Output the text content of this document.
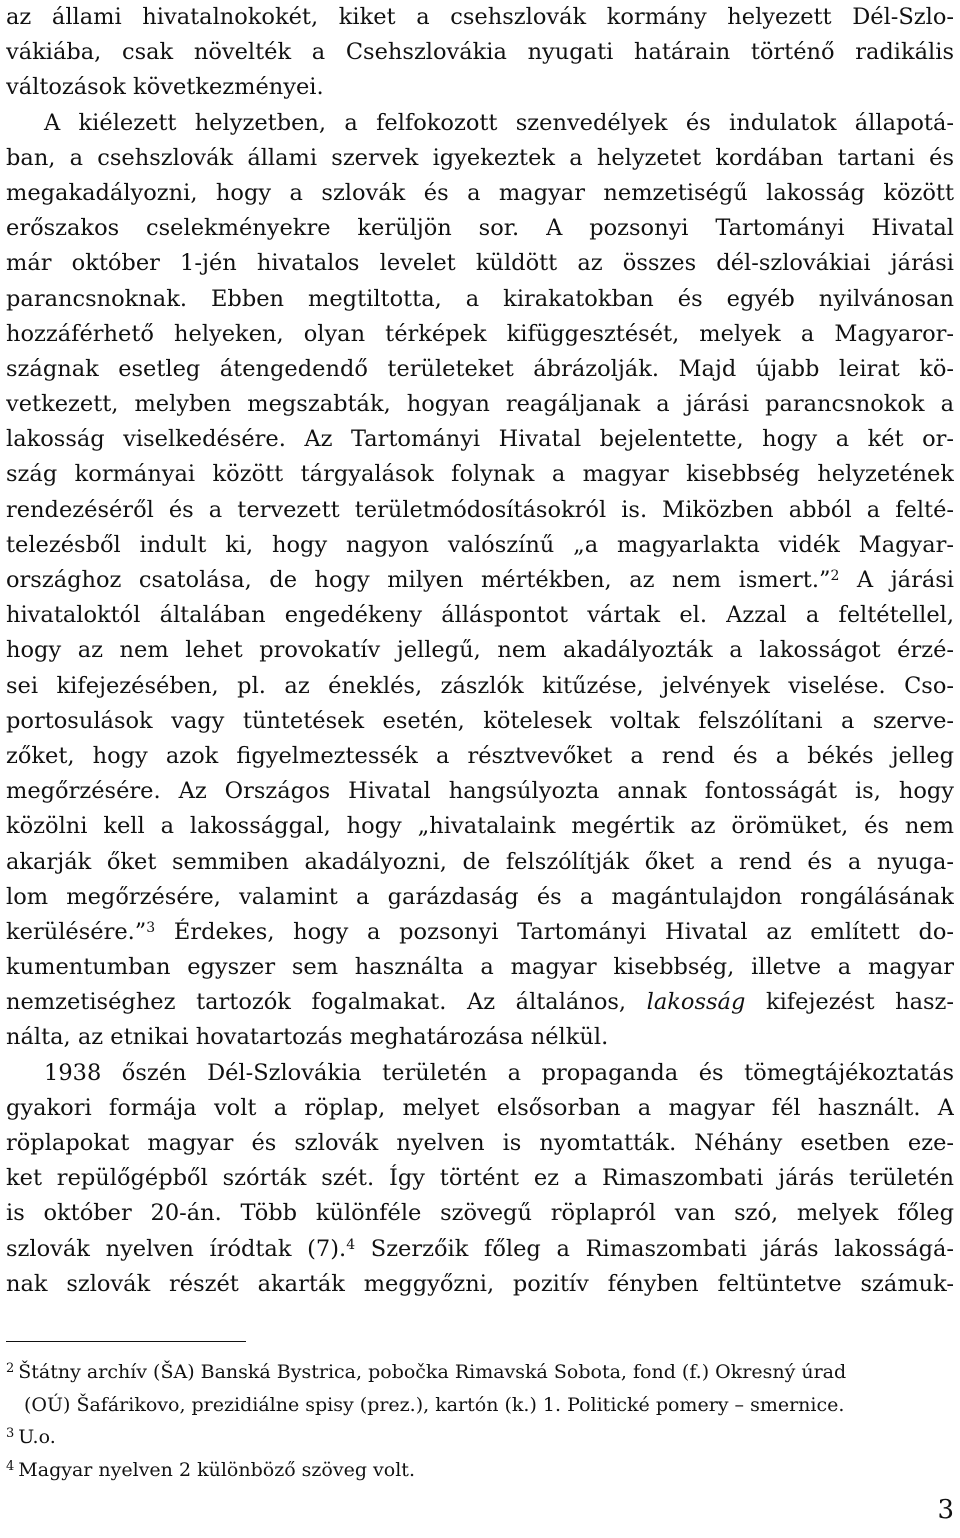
az állami hivatalnokokét, kiket a csehszlovák kormány helyezett Dél-Szlo-
vákiába, csak növelték a Csehszlovákia nyugati határain történő radikális
változások következményei.
A kiélezett helyzetben, a felfokozott szenvedélyek és indulatok állapotá-
ban, a csehszlovák állami szervek igyekeztek a helyzetet kordában tartani és
megakadályozni, hogy a szlovák és a magyar nemzetiségű lakosság között
erőszakos cselekményekre kerüljön sor. A pozsonyi Tartományi Hivatal
már október 1-jén hivatalos levelet küldött az összes dél-szlovákiai járási
parancsnoknak. Ebben megtiltotta, a kirakatokban és egyéb nyilvánosan
hozzáférhető helyeken, olyan térképek kifüggesztését, melyek a Magyaror-
szágnak esetleg átengedendő területeket ábrázolják. Majd újabb leirat kö-
vetkezett, melyben megszabták, hogyan reagáljanak a járási parancsnokok a
lakosság viselkedésére. Az Tartományi Hivatal bejelentette, hogy a két or-
szág kormányai között tárgyalások folynak a magyar kisebbség helyzetének
rendezéséről és a tervezett területmódosításokról is. Miközben abból a felté-
telezésből indult ki, hogy nagyon valószínű „a magyarlakta vidék Magyar-
országhoz csatolása, de hogy milyen mértékben, az nem ismert.”$^2$ A járási
hivataloktól általában engedékeny álláspontot vártak el. Azzal a feltétellel,
hogy az nem lehet provokatív jellegű, nem akadályozták a lakosságot érzé-
sei kifejezésében, pl. az éneklés, zászlók kitűzése, jelvények viselése. Cso-
portosulások vagy tüntetések esetén, kötelesek voltak felszólítani a szerve-
zőket, hogy azok figyelmeztessék a résztvevőket a rend és a békés jelleg
megőrzésére. Az Országos Hivatal hangsúlyozta annak fontosságát is, hogy
közölni kell a lakossággal, hogy „hivatalaink megértik az örömüket, és nem
akarják őket semmiben akadályozni, de felszólítják őket a rend és a nyuga-
lom megőrzésére, valamint a garázdaság és a magántulajdon rongálásának
kerülésére.”$^3$ Érdekes, hogy a pozsonyi Tartományi Hivatal az említett do-
kumentumban egyszer sem használta a magyar kisebbség, illetve a magyar
nemzetiséghez tartozók fogalmakat. Az általános, lakosság kifejezést hasz-
nálta, az etnikai hovatartozás meghatározása nélkül.
1938 őszén Dél-Szlovákia területén a propaganda és tömegtájékoztatás
gyakori formája volt a röplap, melyet elsősorban a magyar fél használt. A
röplapokat magyar és szlovák nyelven is nyomtatták. Néhány esetben eze-
ket repülőgépből szórták szét. Így történt ez a Rimaszombati járás területén
is október 20-án. Több különféle szövegű röplapról van szó, melyek főleg
szlovák nyelven íródtak (7).$^4$ Szerzőik főleg a Rimaszombati járás lakosságá-
nak szlovák részét akarták meggyőzni, pozitív fényben feltüntetve számuk-
$^2$ Štátny archív (ŠA) Banská Bystrica, pobočka Rimavská Sobota, fond (f.) Okresný úrad
(OÚ) Šafárikovo, prezidiálne spisy (prez.), kartón (k.) 1. Politické pomery – smernice.
$^3$ U.o.
$^4$ Magyar nyelven 2 különböző szöveg volt.
3
